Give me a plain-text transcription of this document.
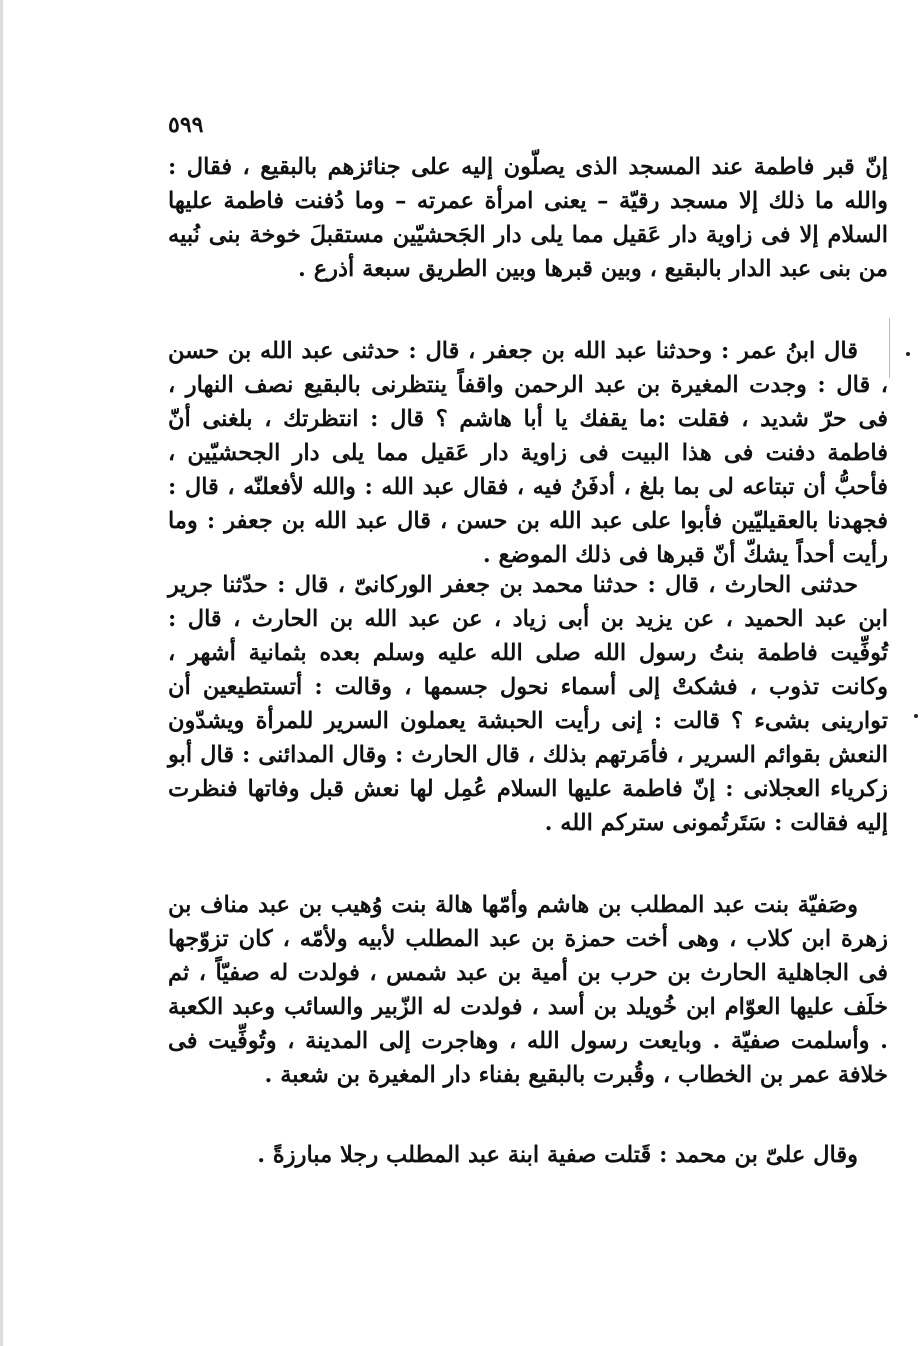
٥٩٩

إنّ قبر فاطمة عند المسجد الذى يصلّون إليه على جنائزهم بالبقيع ، فقال : والله ما ذلك إلا مسجد رقيّة – يعنى امرأة عمرته – وما دُفنت فاطمة عليها السلام إلا فى زاوية دار عَقيل مما يلى دار الجَحشيّين مستقبلَ خوخة بنى نُبيه من بنى عبد الدار بالبقيع ، وبين قبرها وبين الطريق سبعة أذرع .

قال ابنُ عمر : وحدثنا عبد الله بن جعفر ، قال : حدثنى عبد الله بن حسن ، قال : وجدت المغيرة بن عبد الرحمن واقفاً ينتظرنى بالبقيع نصف النهار ، فى حرّ شديد ، فقلت :ما يقفك يا أبا هاشم ؟ قال : انتظرتك ، بلغنى أنّ فاطمة دفنت فى هذا البيت فى زاوية دار عَقيل مما يلى دار الجحشيّين ، فأحبُّ أن تبتاعه لى بما بلغ ، أدفَنُ فيه ، فقال عبد الله : والله لأفعلنّه ، قال : فجهدنا بالعقيليّين فأبوا على عبد الله بن حسن ، قال عبد الله بن جعفر : وما رأيت أحداً يشكّ أنّ قبرها فى ذلك الموضع .

حدثنى الحارث ، قال : حدثنا محمد بن جعفر الوركانىّ ، قال : حدّثنا جرير ابن عبد الحميد ، عن يزيد بن أبى زياد ، عن عبد الله بن الحارث ، قال : تُوفِّيت فاطمة بنتُ رسول الله صلى الله عليه وسلم بعده بثمانية أشهر ، وكانت تذوب ، فشكتْ إلى أسماء نحول جسمها ، وقالت : أتستطيعين أن توارينى بشىء ؟ قالت : إنى رأيت الحبشة يعملون السرير للمرأة ويشدّون النعش بقوائم السرير ، فأمَرتهم بذلك ، قال الحارث : وقال المدائنى : قال أبو زكرياء العجلانى : إنّ فاطمة عليها السلام عُمِل لها نعش قبل وفاتها فنظرت إليه فقالت : سَتَرتُمونى ستركم الله .

وصَفيّة بنت عبد المطلب بن هاشم وأمّها هالة بنت وُهيب بن عبد مناف بن زهرة ابن كلاب ، وهى أخت حمزة بن عبد المطلب لأبيه ولأمّه ، كان تزوّجها فى الجاهلية الحارث بن حرب بن أمية بن عبد شمس ، فولدت له صفيّاً ، ثم خلَف عليها العوّام ابن خُويلد بن أسد ، فولدت له الزّبير والسائب وعبد الكعبة . وأسلمت صفيّة . وبايعت رسول الله ، وهاجرت إلى المدينة ، وتُوفِّيت فى خلافة عمر بن الخطاب ، وقُبرت بالبقيع بفناء دار المغيرة بن شعبة .

وقال علىّ بن محمد : قَتلت صفية ابنة عبد المطلب رجلا مبارزةً .
